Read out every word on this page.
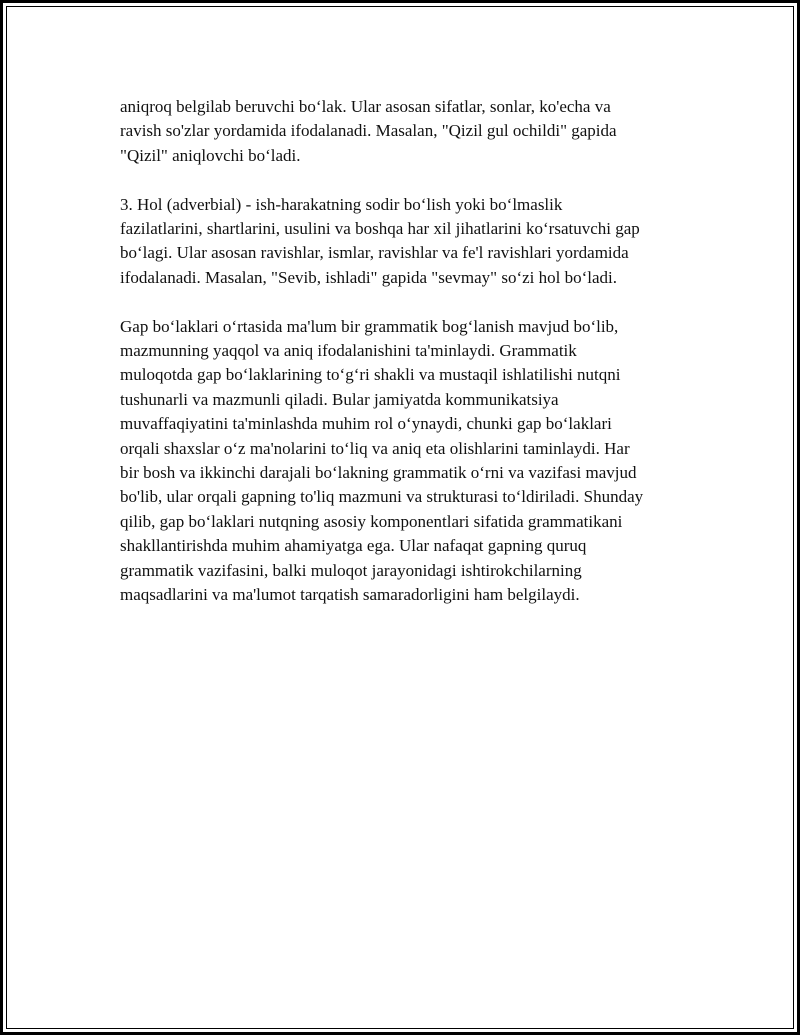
aniqroq belgilab beruvchi boʻlak. Ular asosan sifatlar, sonlar, ko'echa va
ravish so'zlar yordamida ifodalanadi. Masalan, "Qizil gul ochildi" gapida
"Qizil" aniqlovchi boʻladi.

3. Hol (adverbial) - ish-harakatning sodir boʻlish yoki boʻlmaslik
fazilatlarini, shartlarini, usulini va boshqa har xil jihatlarini koʻrsatuvchi gap
boʻlagi. Ular asosan ravishlar, ismlar, ravishlar va fe'l ravishlari yordamida
ifodalanadi. Masalan, "Sevib, ishladi" gapida "sevmay" soʻzi hol boʻladi.

Gap boʻlaklari oʻrtasida ma'lum bir grammatik bogʻlanish mavjud boʻlib,
mazmunning yaqqol va aniq ifodalanishini ta'minlaydi. Grammatik
muloqotda gap boʻlaklarining toʻgʻri shakli va mustaqil ishlatilishi nutqni
tushunarli va mazmunli qiladi. Bular jamiyatda kommunikatsiya
muvaffaqiyatini ta'minlashda muhim rol oʻynaydi, chunki gap boʻlaklari
orqali shaxslar oʻz ma'nolarini toʻliq va aniq eta olishlarini taminlaydi. Har
bir bosh va ikkinchi darajali boʻlakning grammatik oʻrni va vazifasi mavjud
bo'lib, ular orqali gapning to'liq mazmuni va strukturasi toʻldiriladi. Shunday
qilib, gap boʻlaklari nutqning asosiy komponentlari sifatida grammatikani
shakllantirishda muhim ahamiyatga ega. Ular nafaqat gapning quruq
grammatik vazifasini, balki muloqot jarayonidagi ishtirokchilarning
maqsadlarini va ma'lumot tarqatish samaradorligini ham belgilaydi.
